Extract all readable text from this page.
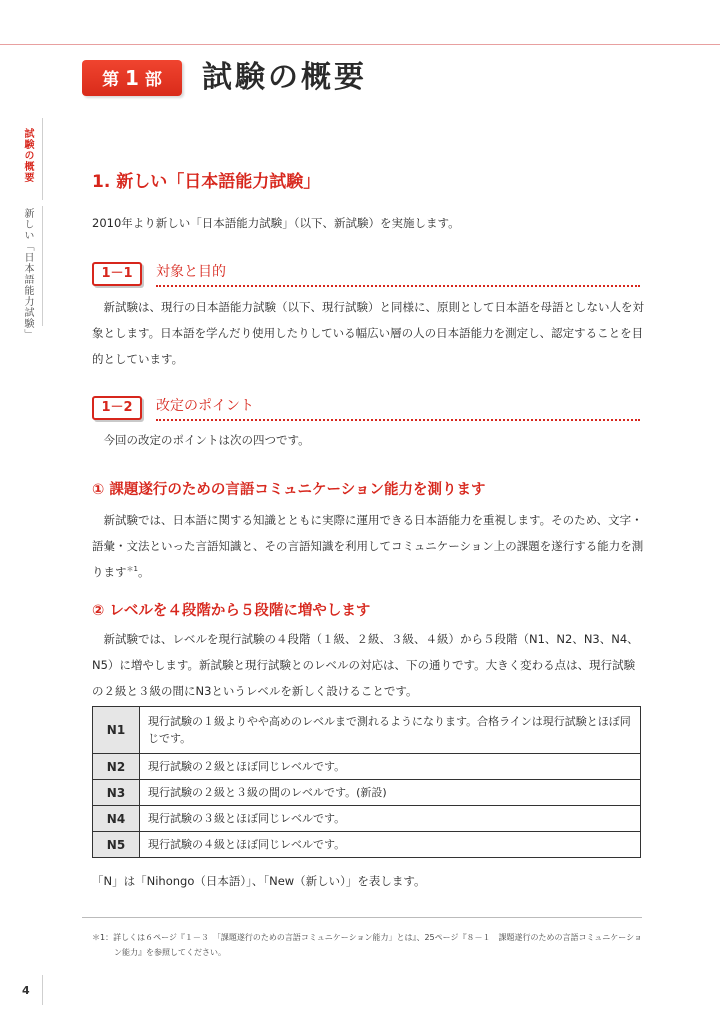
第 1 部	試験の概要
試験の概要
新しい「日本語能力試験」
1. 新しい「日本語能力試験」
2010年より新しい「日本語能力試験」（以下、新試験）を実施します。
1－1	対象と目的
新試験は、現行の日本語能力試験（以下、現行試験）と同様に、原則として日本語を母語としない人を対象とします。日本語を学んだり使用したりしている幅広い層の人の日本語能力を測定し、認定することを目的としています。
1－2	改定のポイント
今回の改定のポイントは次の四つです。
① 課題遂行のための言語コミュニケーション能力を測ります
新試験では、日本語に関する知識とともに実際に運用できる日本語能力を重視します。そのため、文字・語彙・文法といった言語知識と、その言語知識を利用してコミュニケーション上の課題を遂行する能力を測ります$^{*1}$。
② レベルを４段階から５段階に増やします
新試験では、レベルを現行試験の４段階（１級、２級、３級、４級）から５段階（N1、N2、N3、N4、N5）に増やします。新試験と現行試験とのレベルの対応は、下の通りです。大きく変わる点は、現行試験の２級と３級の間にN3というレベルを新しく設けることです。
N1	現行試験の１級よりやや高めのレベルまで測れるようになります。合格ラインは現行試験とほぼ同じです。
N2	現行試験の２級とほぼ同じレベルです。
N3	現行試験の２級と３級の間のレベルです。(新設)
N4	現行試験の３級とほぼ同じレベルです。
N5	現行試験の４級とほぼ同じレベルです。
「N」は「Nihongo（日本語）」、「New（新しい）」を表します。
＊1：詳しくは６ページ『１－３　「課題遂行のための言語コミュニケーション能力」とは』、25ページ『８－１　課題遂行のための言語コミュニケーション能力』を参照してください。
4
